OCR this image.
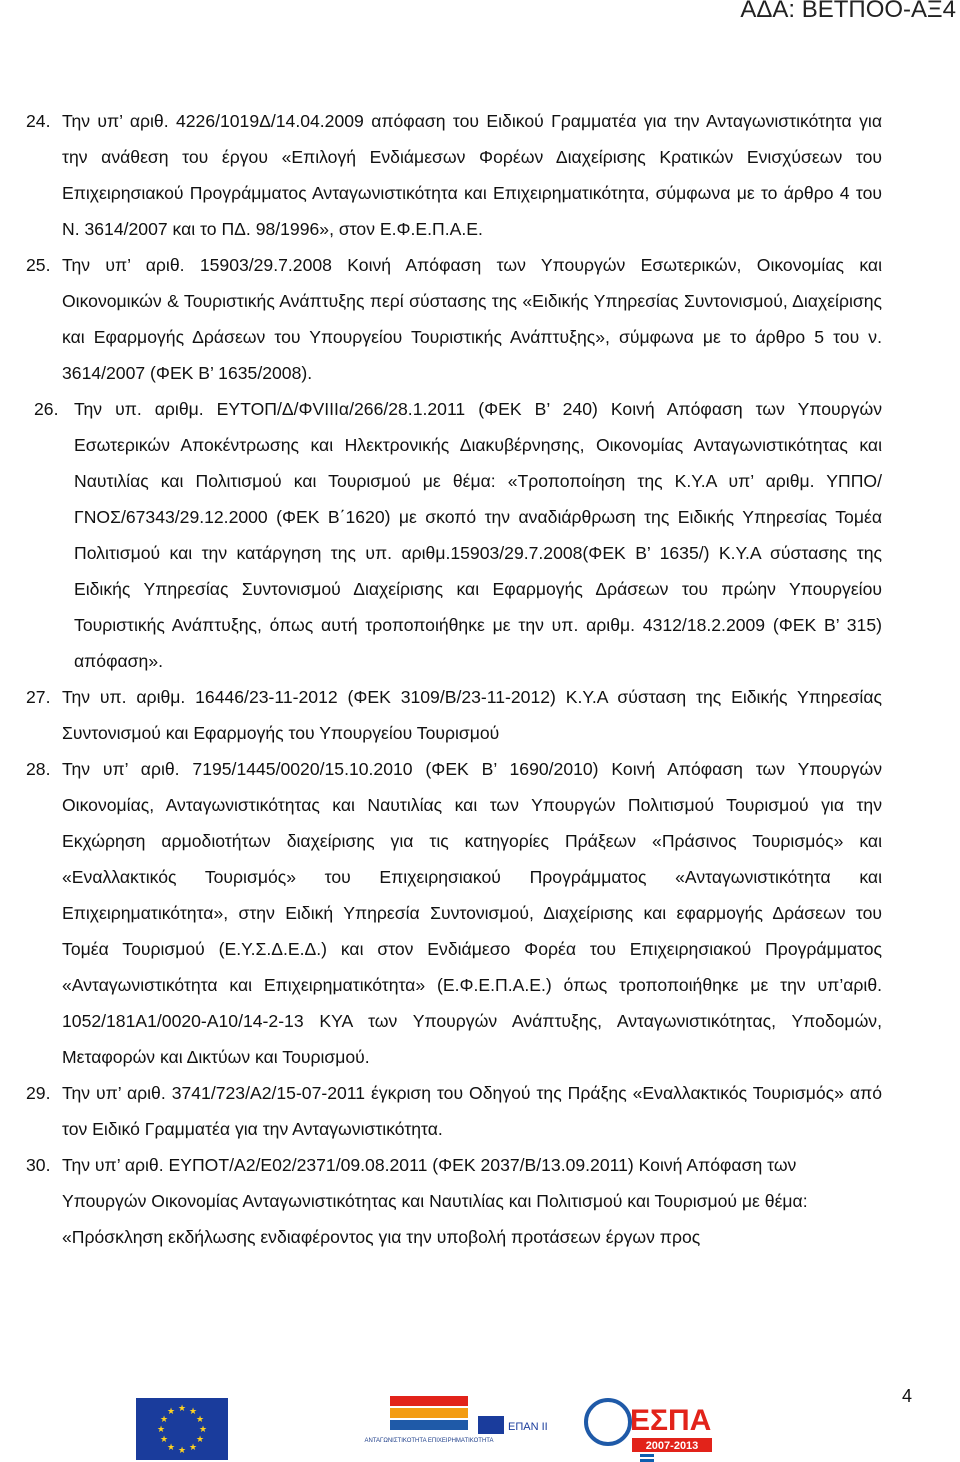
ΑΔΑ: ΒΕΤΠΟΟ-ΑΞ4
24. Την υπ’ αριθ. 4226/1019Δ/14.04.2009 απόφαση του Ειδικού Γραμματέα για την Ανταγωνιστικότητα για την ανάθεση του έργου «Επιλογή Ενδιάμεσων Φορέων Διαχείρισης Κρατικών Ενισχύσεων του Επιχειρησιακού Προγράμματος Ανταγωνιστικότητα και Επιχειρηματικότητα, σύμφωνα με το άρθρο 4 του Ν. 3614/2007 και το ΠΔ. 98/1996», στον Ε.Φ.Ε.Π.Α.Ε.
25. Την υπ’ αριθ. 15903/29.7.2008 Κοινή Απόφαση των Υπουργών Εσωτερικών, Οικονομίας και Οικονομικών & Τουριστικής Ανάπτυξης περί σύστασης της «Ειδικής Υπηρεσίας Συντονισμού, Διαχείρισης και Εφαρμογής Δράσεων του Υπουργείου Τουριστικής Ανάπτυξης», σύμφωνα με το άρθρο 5 του ν. 3614/2007 (ΦΕΚ Β’ 1635/2008).
26. Την υπ. αριθμ. ΕΥΤΟΠ/Δ/ΦVIIIα/266/28.1.2011 (ΦΕΚ Β’ 240) Κοινή Απόφαση των Υπουργών Εσωτερικών Αποκέντρωσης και Ηλεκτρονικής Διακυβέρνησης, Οικονομίας Ανταγωνιστικότητας και Ναυτιλίας και Πολιτισμού και Τουρισμού με θέμα: «Τροποποίηση της Κ.Υ.Α υπ’ αριθμ. ΥΠΠΟ/ΓΝΟΣ/67343/29.12.2000 (ΦΕΚ Β΄1620) με σκοπό την αναδιάρθρωση της Ειδικής Υπηρεσίας Τομέα Πολιτισμού και την κατάργηση της υπ. αριθμ.15903/29.7.2008(ΦΕΚ Β’ 1635/) Κ.Υ.Α σύστασης της Ειδικής Υπηρεσίας Συντονισμού Διαχείρισης και Εφαρμογής Δράσεων του πρώην Υπουργείου Τουριστικής Ανάπτυξης, όπως αυτή τροποποιήθηκε με την υπ. αριθμ. 4312/18.2.2009 (ΦΕΚ Β’ 315) απόφαση».
27. Την υπ. αριθμ. 16446/23-11-2012 (ΦΕΚ 3109/Β/23-11-2012) Κ.Υ.Α σύσταση της Ειδικής Υπηρεσίας Συντονισμού και Εφαρμογής του Υπουργείου Τουρισμού
28. Την υπ’ αριθ. 7195/1445/0020/15.10.2010 (ΦΕΚ Β’ 1690/2010) Κοινή Απόφαση των Υπουργών Οικονομίας, Ανταγωνιστικότητας και Ναυτιλίας και των Υπουργών Πολιτισμού Τουρισμού για την Εκχώρηση αρμοδιοτήτων διαχείρισης για τις κατηγορίες Πράξεων «Πράσινος Τουρισμός» και «Εναλλακτικός Τουρισμός» του Επιχειρησιακού Προγράμματος «Ανταγωνιστικότητα και Επιχειρηματικότητα», στην Ειδική Υπηρεσία Συντονισμού, Διαχείρισης και εφαρμογής Δράσεων του Τομέα Τουρισμού (Ε.Υ.Σ.Δ.Ε.Δ.) και στον Ενδιάμεσο Φορέα του Επιχειρησιακού Προγράμματος «Ανταγωνιστικότητα και Επιχειρηματικότητα» (Ε.Φ.Ε.Π.Α.Ε.) όπως τροποποιήθηκε με την υπ’αριθ. 1052/181Α1/0020-Α10/14-2-13 ΚΥΑ των Υπουργών Ανάπτυξης, Ανταγωνιστικότητας, Υποδομών, Μεταφορών και Δικτύων και Τουρισμού.
29. Την υπ’ αριθ. 3741/723/Α2/15-07-2011 έγκριση του Οδηγού της Πράξης «Εναλλακτικός Τουρισμός» από τον Ειδικό Γραμματέα για την Ανταγωνιστικότητα.
30. Την υπ’ αριθ. ΕΥΠΟΤ/Α2/Ε02/2371/09.08.2011 (ΦΕΚ 2037/Β/13.09.2011) Κοινή Απόφαση των Υπουργών Οικονομίας Ανταγωνιστικότητας και Ναυτιλίας και Πολιτισμού και Τουρισμού με θέμα: «Πρόσκληση εκδήλωσης ενδιαφέροντος για την υποβολή προτάσεων έργων προς
4
★ ★
★
★
★
★
★
★
★
★
★
★
ΑΝΤΑΓΩΝΙΣΤΙΚΟΤΗΤΑ ΕΠΙΧΕΙΡΗΜΑΤΙΚΟΤΗΤΑ
ΕΠΑΝ ΙΙ	ΕΣΠΑ
2007-2013
